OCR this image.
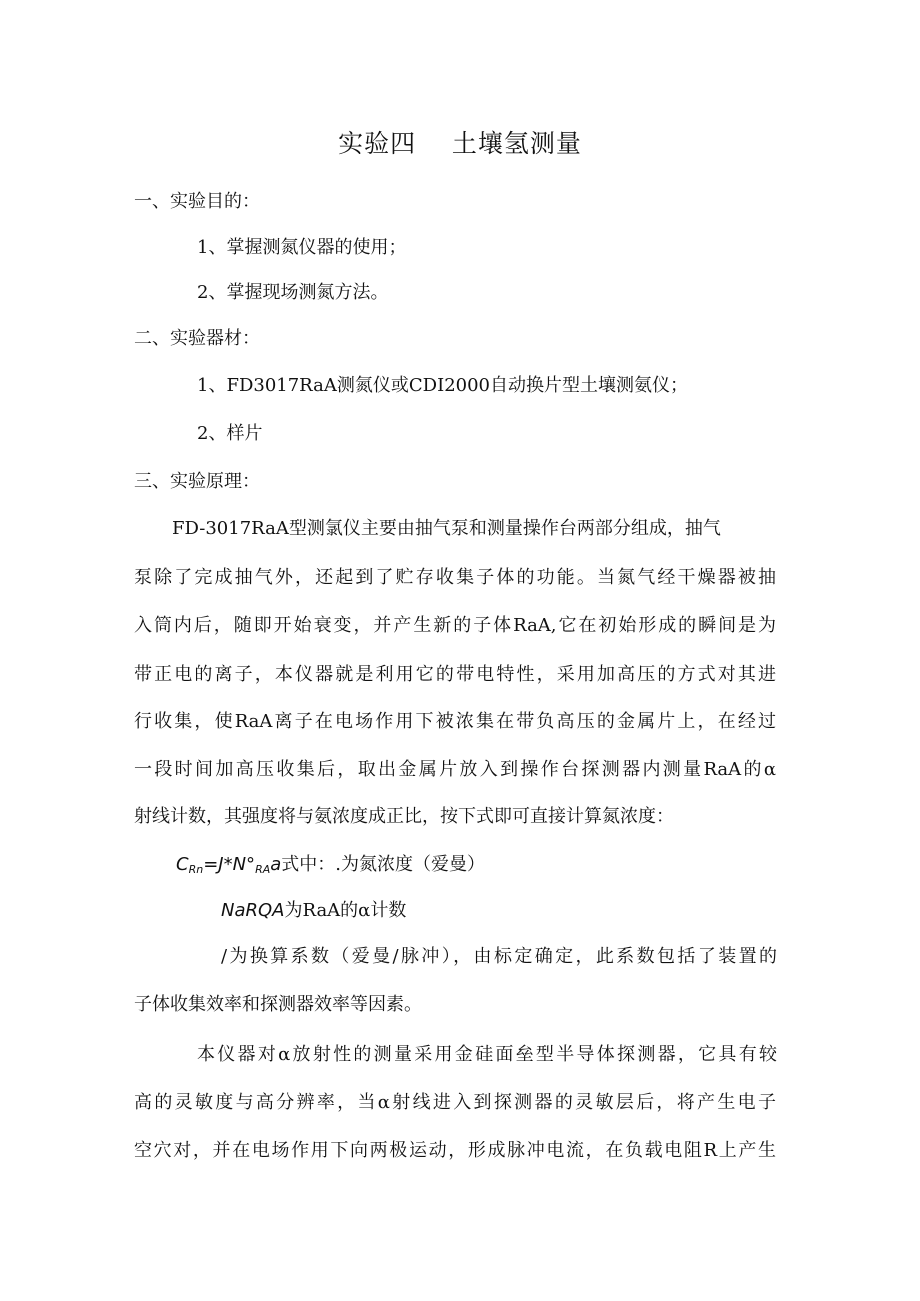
实验四    土壤氢测量
一、实验目的：
1、掌握测氮仪器的使用；
2、掌握现场测氮方法。
二、实验器材：
1、FD3017RaA测氮仪或CDI2000自动换片型土壤测氨仪；
2、样片
三、实验原理：
FD-3017RaA型测氯仪主要由抽气泵和测量操作台两部分组成，抽气
泵除了完成抽气外，还起到了贮存收集子体的功能。当氮气经干燥器被抽
入筒内后，随即开始衰变，并产生新的子体RaA,它在初始形成的瞬间是为
带正电的离子，本仪器就是利用它的带电特性，采用加高压的方式对其进
行收集，使RaA离子在电场作用下被浓集在带负高压的金属片上，在经过
一段时间加高压收集后，取出金属片放入到操作台探测器内测量RaA的α
射线计数，其强度将与氨浓度成正比，按下式即可直接计算氮浓度：
$C_{Rn}=J*N^\circ_{RA}a$式中：.为氮浓度（爱曼）
NaRQA为RaA的α计数
/为换算系数（爱曼/脉冲），由标定确定，此系数包括了装置的
子体收集效率和探测器效率等因素。
本仪器对α放射性的测量采用金硅面垒型半导体探测器，它具有较
高的灵敏度与高分辨率，当α射线进入到探测器的灵敏层后，将产生电子
空穴对，并在电场作用下向两极运动，形成脉冲电流，在负载电阻R上产生
